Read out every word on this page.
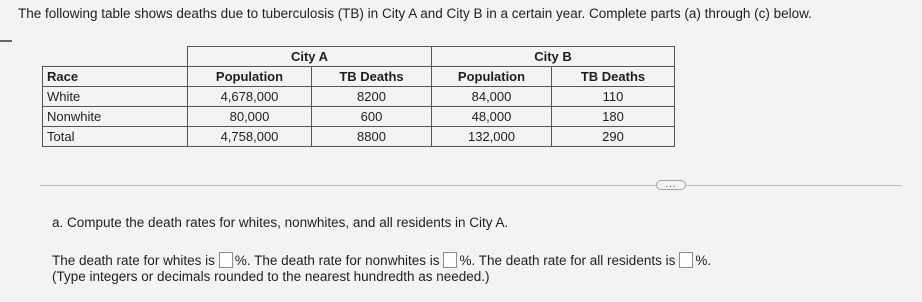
The following table shows deaths due to tuberculosis (TB) in City A and City B in a certain year. Complete parts (a) through (c) below.
	City A		City B	
Race	Population	TB Deaths	Population	TB Deaths
White	4,678,000	8200	84,000	110
Nonwhite	80,000	600	48,000	180
Total	4,758,000	8800	132,000	290
...
a. Compute the death rates for whites, nonwhites, and all residents in City A.
The death rate for whites is %. The death rate for nonwhites is %. The death rate for all residents is %.
(Type integers or decimals rounded to the nearest hundredth as needed.)
